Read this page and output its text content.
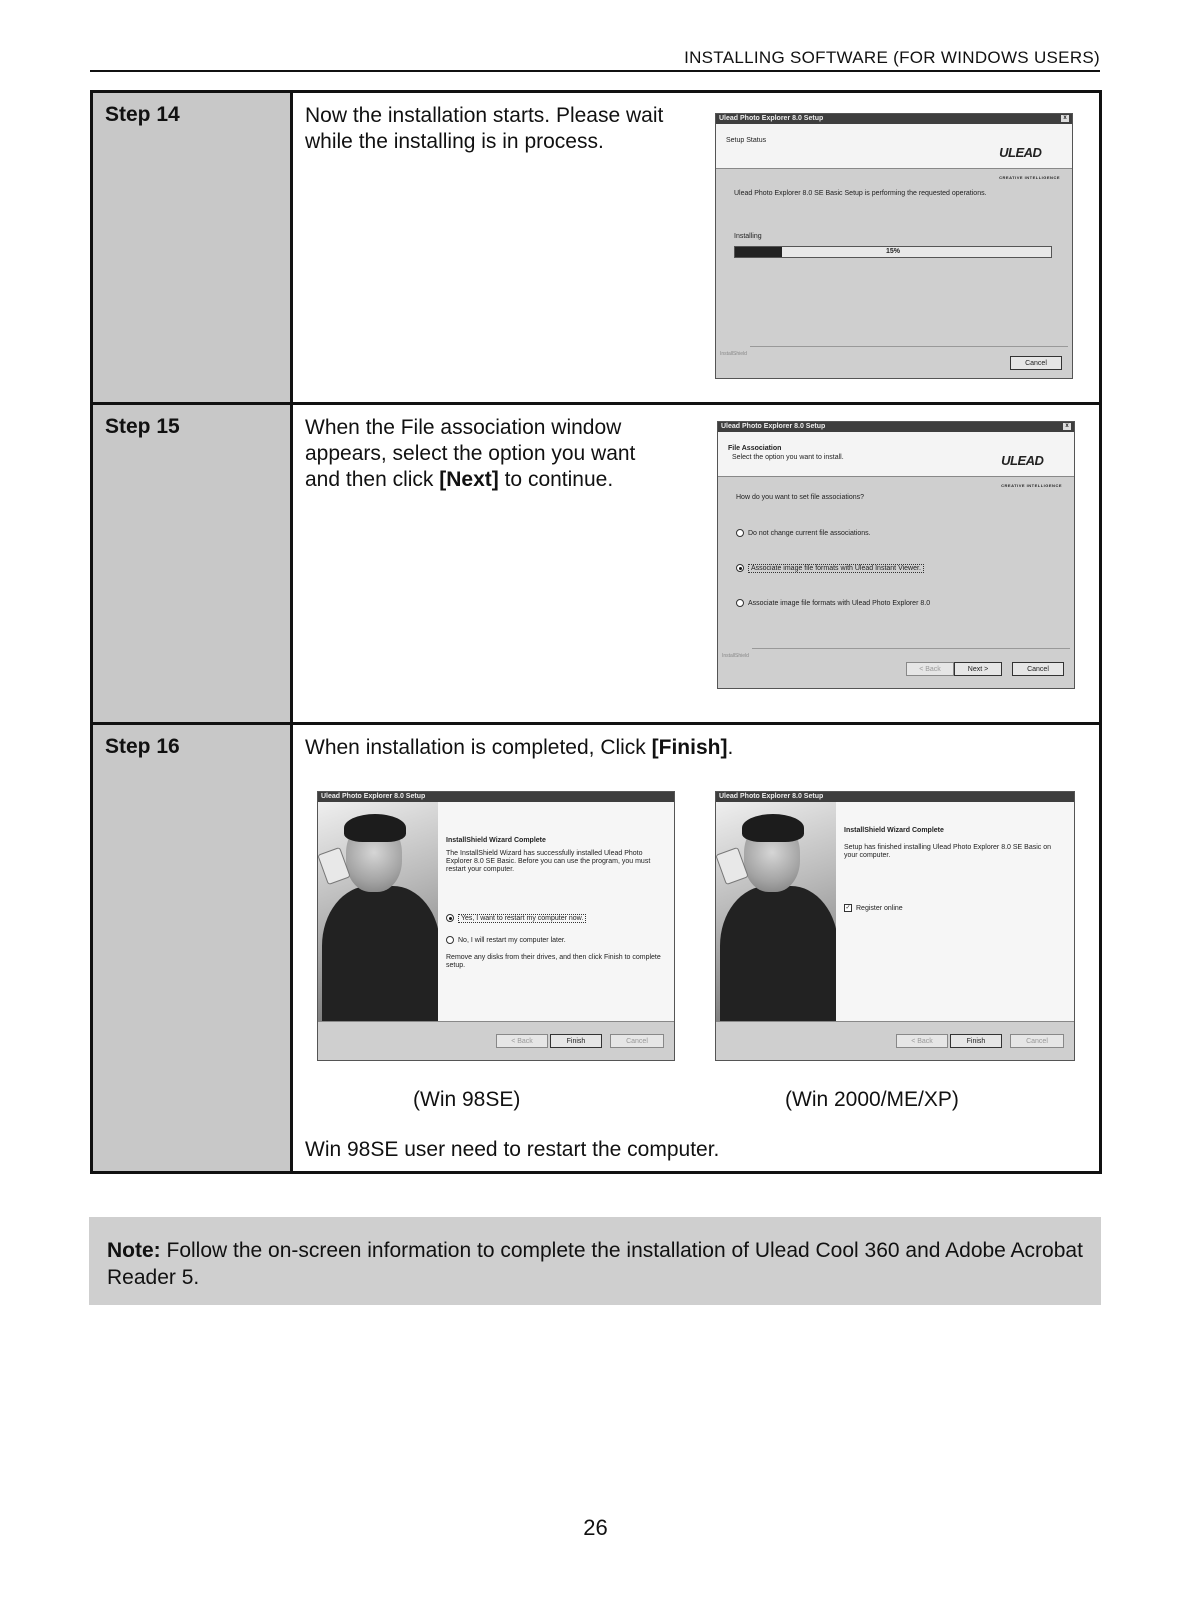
INSTALLING SOFTWARE (FOR WINDOWS USERS)
Step 14	Now the installation starts. Please wait while the installing is in process.
Ulead Photo Explorer 8.0 Setup	x
Setup Status
ULEAD
CREATIVE INTELLIGENCE
Ulead Photo Explorer 8.0 SE Basic Setup is performing the requested operations.
Installing
15%
InstallShield
Cancel
Step 15	When the File association window appears, select the option you want and then click [Next] to continue.
Ulead Photo Explorer 8.0 Setup	x
File Association
Select the option you want to install.	ULEAD
CREATIVE INTELLIGENCE
How do you want to set file associations?
Do not change current file associations.
Associate image file formats with Ulead Instant Viewer.
Associate image file formats with Ulead Photo Explorer 8.0
InstallShield
< Back	Next >	Cancel
Step 16	When installation is completed, Click [Finish].
Ulead Photo Explorer 8.0 Setup
InstallShield Wizard Complete
The InstallShield Wizard has successfully installed Ulead Photo Explorer 8.0 SE Basic. Before you can use the program, you must restart your computer.
Yes, I want to restart my computer now.
No, I will restart my computer later.
Remove any disks from their drives, and then click Finish to complete setup.
< Back	Finish	Cancel
Ulead Photo Explorer 8.0 Setup
InstallShield Wizard Complete
Setup has finished installing Ulead Photo Explorer 8.0 SE Basic on your computer.
✓ Register online
< Back	Finish	Cancel
(Win 98SE)	(Win 2000/ME/XP)
Win 98SE user need to restart the computer.
Note: Follow the on-screen information to complete the installation of Ulead Cool 360 and Adobe Acrobat Reader 5.
26
